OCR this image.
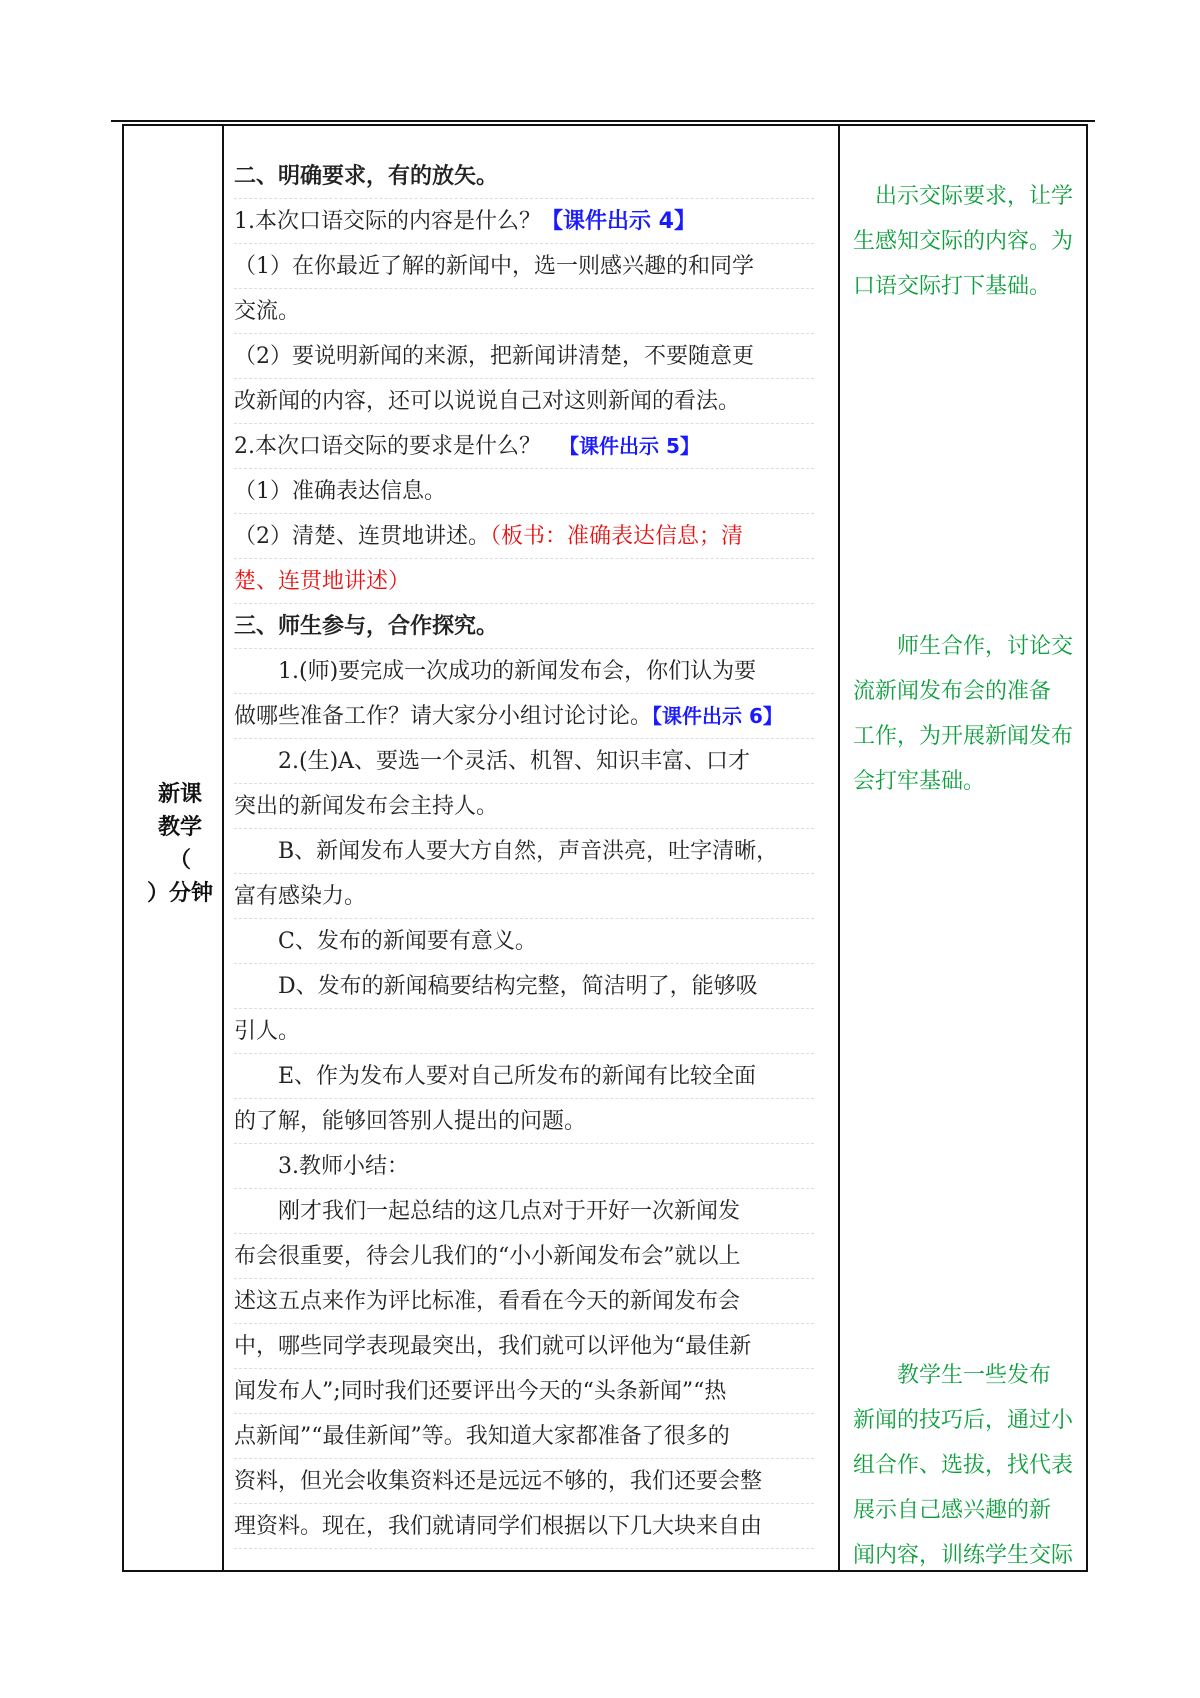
新课
教学
（
）分钟
二、明确要求，有的放矢。
1.本次口语交际的内容是什么？【课件出示 4】
（1）在你最近了解的新闻中，选一则感兴趣的和同学
交流。
（2）要说明新闻的来源，把新闻讲清楚，不要随意更
改新闻的内容，还可以说说自己对这则新闻的看法。
2.本次口语交际的要求是什么？ 【课件出示 5】
（1）准确表达信息。
（2）清楚、连贯地讲述。（板书：准确表达信息；清
楚、连贯地讲述）
三、师生参与，合作探究。
1.(师)要完成一次成功的新闻发布会，你们认为要
做哪些准备工作？请大家分小组讨论讨论。【课件出示 6】
2.(生)A、要选一个灵活、机智、知识丰富、口才
突出的新闻发布会主持人。
B、新闻发布人要大方自然，声音洪亮，吐字清晰，
富有感染力。
C、发布的新闻要有意义。
D、发布的新闻稿要结构完整，简洁明了，能够吸
引人。
E、作为发布人要对自己所发布的新闻有比较全面
的了解，能够回答别人提出的问题。
3.教师小结：
刚才我们一起总结的这几点对于开好一次新闻发
布会很重要，待会儿我们的“小小新闻发布会”就以上
述这五点来作为评比标准，看看在今天的新闻发布会
中，哪些同学表现最突出，我们就可以评他为“最佳新
闻发布人”;同时我们还要评出今天的“头条新闻”“热
点新闻”“最佳新闻”等。我知道大家都准备了很多的
资料，但光会收集资料还是远远不够的，我们还要会整
理资料。现在，我们就请同学们根据以下几大块来自由
出示交际要求，让学
生感知交际的内容。为
口语交际打下基础。
师生合作，讨论交
流新闻发布会的准备
工作，为开展新闻发布
会打牢基础。
教学生一些发布
新闻的技巧后，通过小
组合作、选拔，找代表
展示自己感兴趣的新
闻内容，训练学生交际
